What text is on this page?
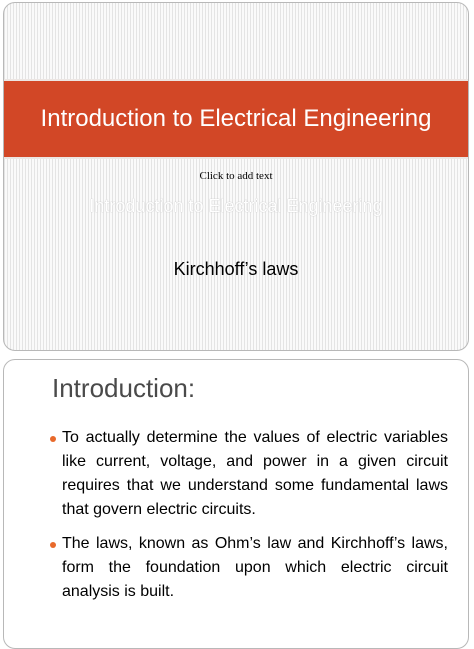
Introduction to Electrical Engineering
Click to add text
Introduction to Electrical Engineering
Kirchhoff’s laws
Introduction:
To actually determine the values of electric variables like current, voltage, and power in a given circuit requires that we understand some fundamental laws that govern electric circuits.
The laws, known as Ohm’s law and Kirchhoff’s laws, form the foundation upon which electric circuit analysis is built.
